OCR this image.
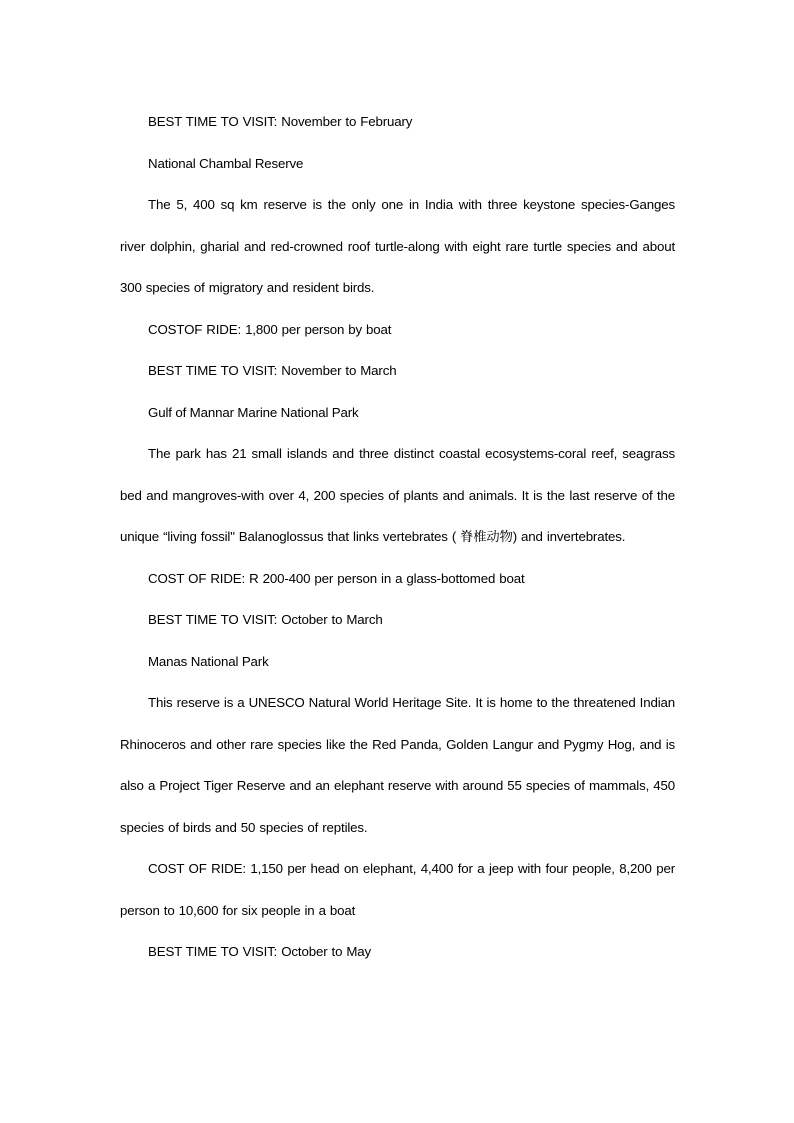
BEST TIME TO VISIT: November to February

National Chambal Reserve

The 5, 400 sq km reserve is the only one in India with three keystone species-Ganges river dolphin, gharial and red-crowned roof turtle-along with eight rare turtle species and about 300 species of migratory and resident birds.

COSTOF RIDE: 1,800 per person by boat

BEST TIME TO VISIT: November to March

Gulf of Mannar Marine National Park

The park has 21 small islands and three distinct coastal ecosystems-coral reef, seagrass bed and mangroves-with over 4, 200 species of plants and animals. It is the last reserve of the unique “living fossil" Balanoglossus that links vertebrates ( 脊椎动物) and invertebrates.

COST OF RIDE: R 200-400 per person in a glass-bottomed boat

BEST TIME TO VISIT: October to March

Manas National Park

This reserve is a UNESCO Natural World Heritage Site. It is home to the threatened Indian Rhinoceros and other rare species like the Red Panda, Golden Langur and Pygmy Hog, and is also a Project Tiger Reserve and an elephant reserve with around 55 species of mammals, 450 species of birds and 50 species of reptiles.

COST OF RIDE: 1,150 per head on elephant, 4,400 for a jeep with four people, 8,200 per person to 10,600 for six people in a boat

BEST TIME TO VISIT: October to May
